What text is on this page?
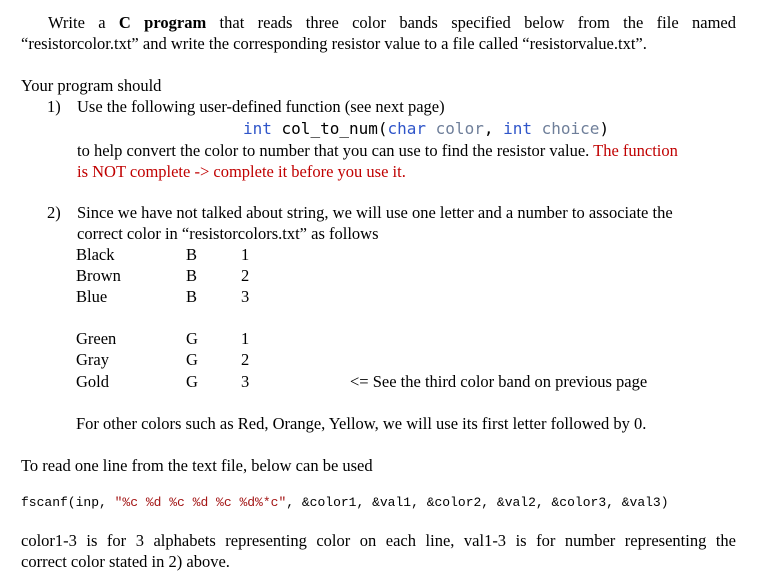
Write a C program that reads three color bands specified below from the file named
“resistorcolor.txt” and write the corresponding resistor value to a file called “resistorvalue.txt”.
Your program should
1) Use the following user-defined function (see next page)
int col_to_num(char color, int choice)
to help convert the color to number that you can use to find the resistor value. The function
is NOT complete -> complete it before you use it.
2) Since we have not talked about string, we will use one letter and a number to associate the
correct color in “resistorcolors.txt” as follows
Black	B	1
Brown	B	2
Blue	B	3
Green	G	1
Gray	G	2
Gold	G	3	<= See the third color band on previous page
For other colors such as Red, Orange, Yellow, we will use its first letter followed by 0.
To read one line from the text file, below can be used
fscanf(inp, "%c %d %c %d %c %d%*c", &color1, &val1, &color2, &val2, &color3, &val3)
color1-3 is for 3 alphabets representing color on each line, val1-3 is for number representing the
correct color stated in 2) above.
